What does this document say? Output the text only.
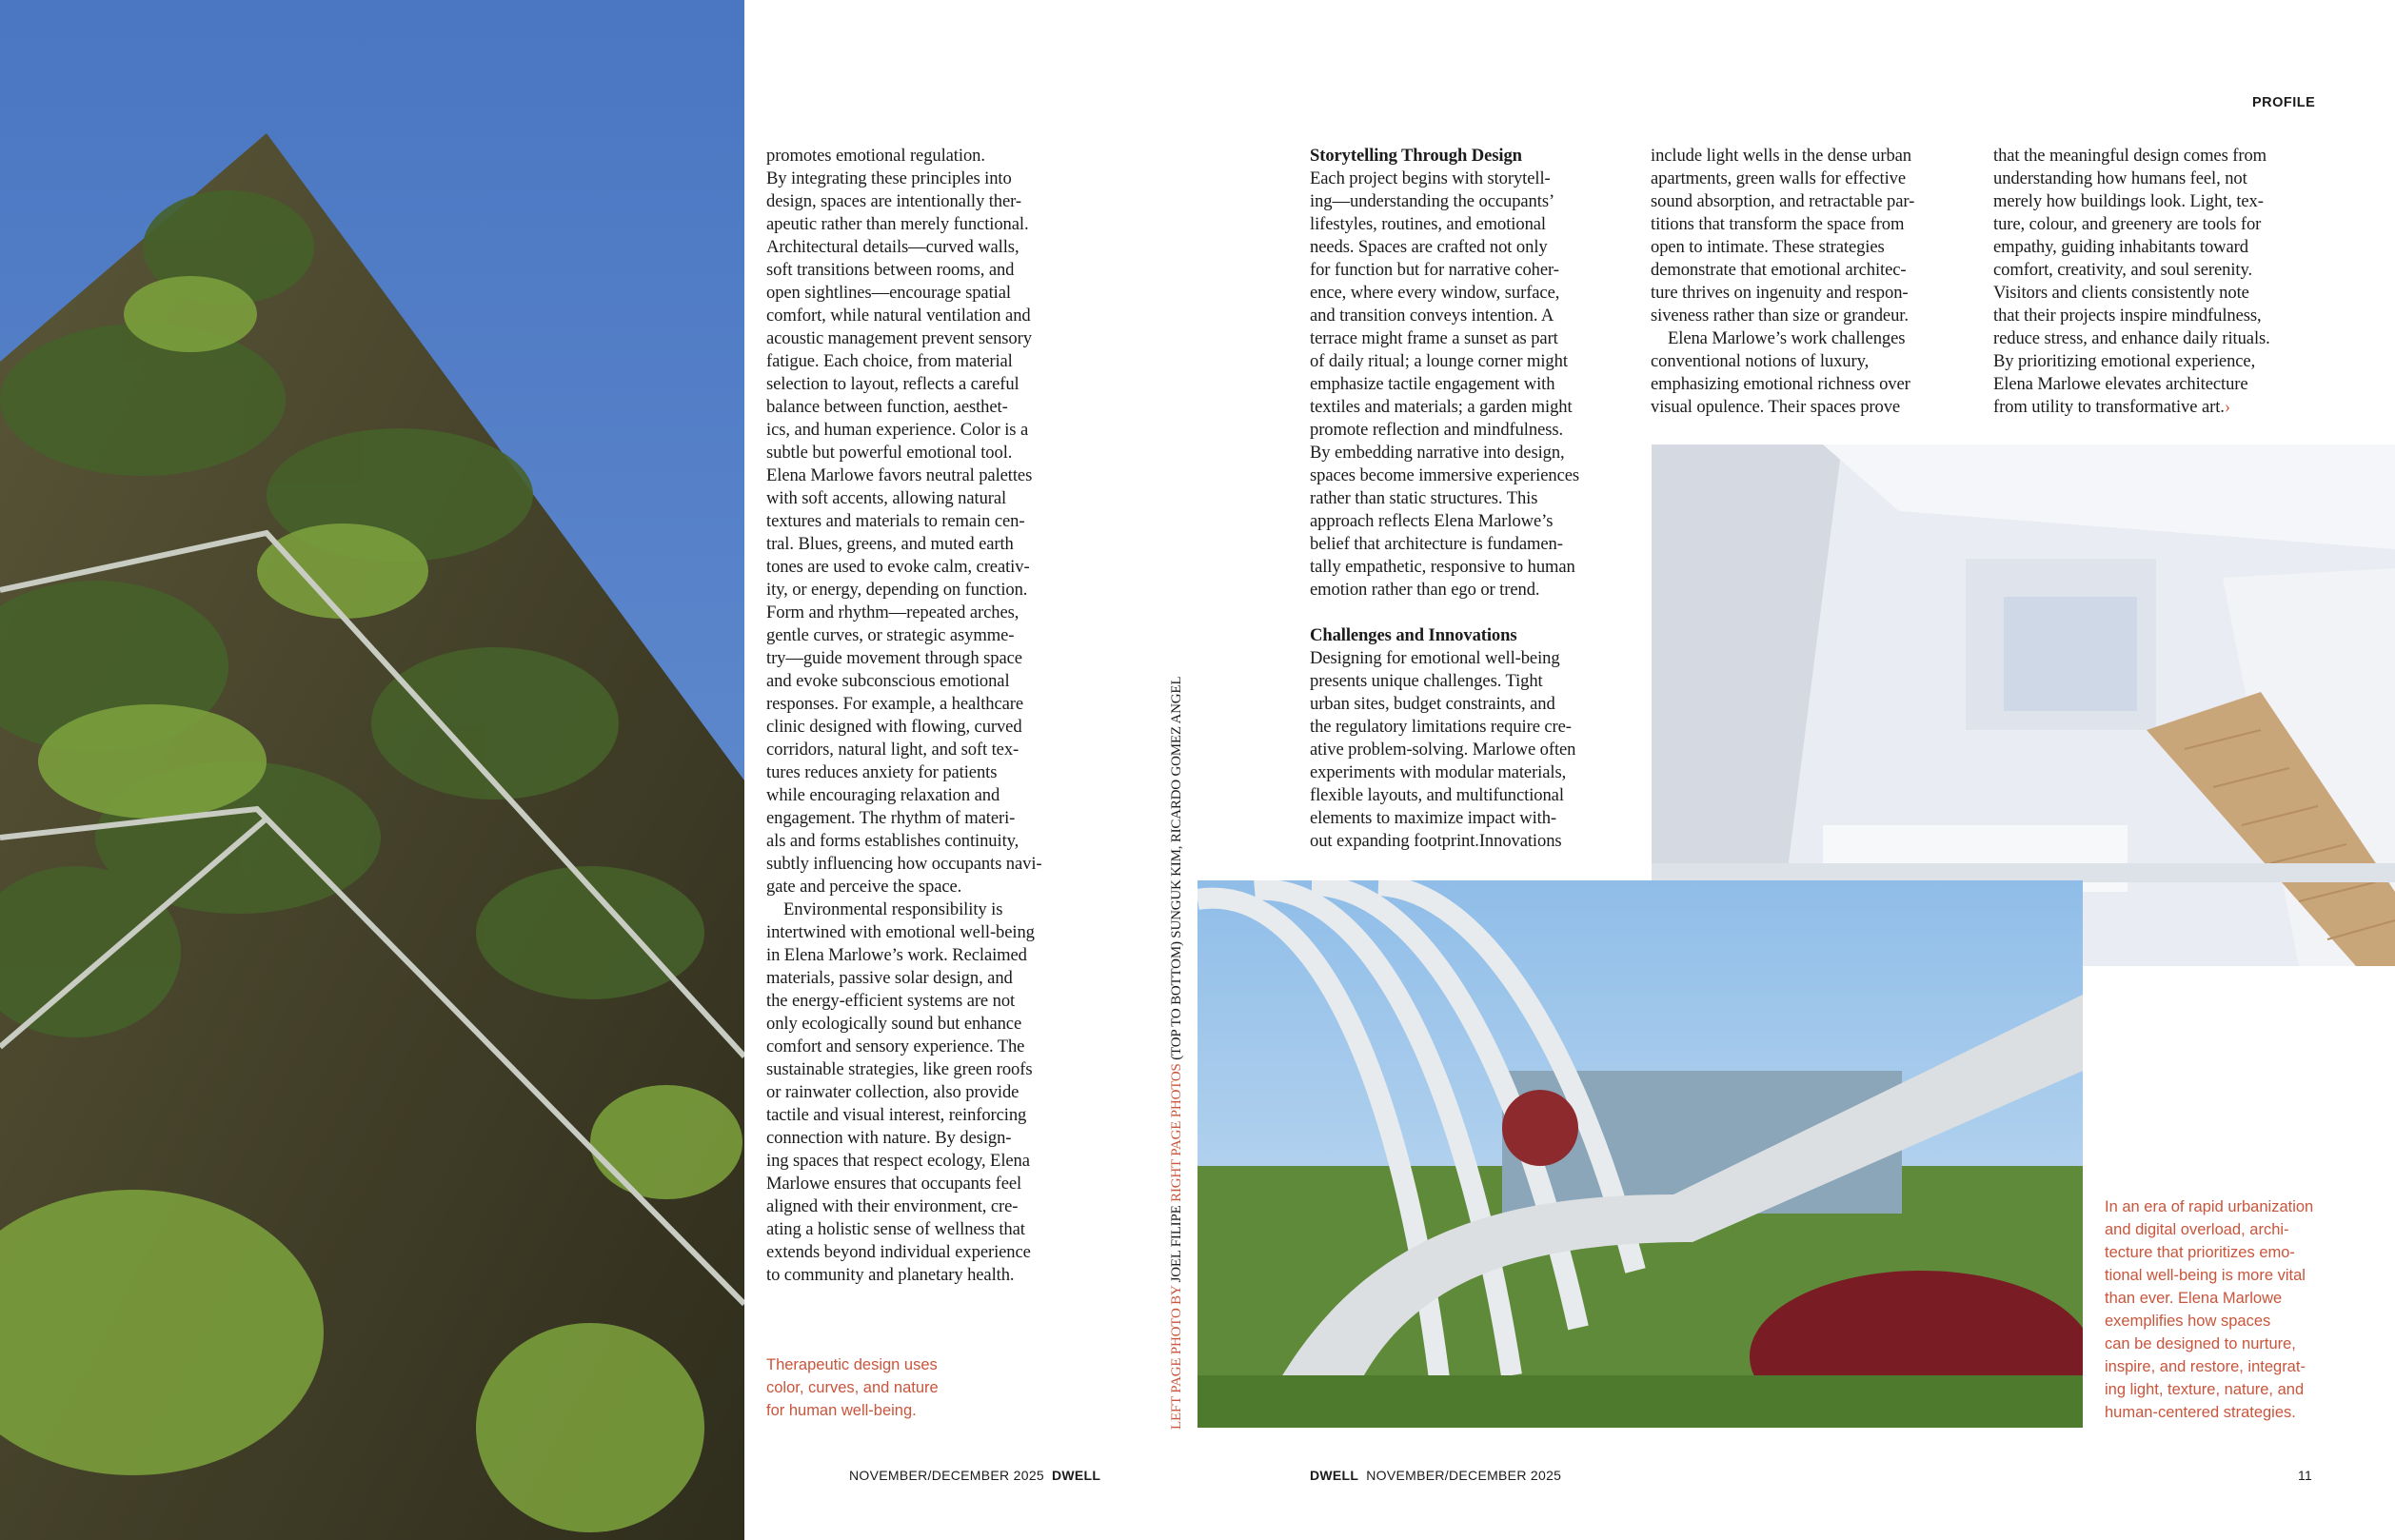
PROFILE
promotes emotional regulation.
By integrating these principles into
design, spaces are intentionally ther-
apeutic rather than merely functional.
Architectural details—curved walls,
soft transitions between rooms, and
open sightlines—encourage spatial
comfort, while natural ventilation and
acoustic management prevent sensory
fatigue. Each choice, from material
selection to layout, reflects a careful
balance between function, aesthet-
ics, and human experience. Color is a
subtle but powerful emotional tool.
Elena Marlowe favors neutral palettes
with soft accents, allowing natural
textures and materials to remain cen-
tral. Blues, greens, and muted earth
tones are used to evoke calm, creativ-
ity, or energy, depending on function.
Form and rhythm—repeated arches,
gentle curves, or strategic asymme-
try—guide movement through space
and evoke subconscious emotional
responses. For example, a healthcare
clinic designed with flowing, curved
corridors, natural light, and soft tex-
tures reduces anxiety for patients
while encouraging relaxation and
engagement. The rhythm of materi-
als and forms establishes continuity,
subtly influencing how occupants navi-
gate and perceive the space.
Environmental responsibility is
intertwined with emotional well-being
in Elena Marlowe’s work. Reclaimed
materials, passive solar design, and
the energy-efficient systems are not
only ecologically sound but enhance
comfort and sensory experience. The
sustainable strategies, like green roofs
or rainwater collection, also provide
tactile and visual interest, reinforcing
connection with nature. By design-
ing spaces that respect ecology, Elena
Marlowe ensures that occupants feel
aligned with their environment, cre-
ating a holistic sense of wellness that
extends beyond individual experience
to community and planetary health.
Storytelling Through Design
Each project begins with storytell-
ing—understanding the occupants’
lifestyles, routines, and emotional
needs. Spaces are crafted not only
for function but for narrative coher-
ence, where every window, surface,
and transition conveys intention. A
terrace might frame a sunset as part
of daily ritual; a lounge corner might
emphasize tactile engagement with
textiles and materials; a garden might
promote reflection and mindfulness.
By embedding narrative into design,
spaces become immersive experiences
rather than static structures. This
approach reflects Elena Marlowe’s
belief that architecture is fundamen-
tally empathetic, responsive to human
emotion rather than ego or trend.
Challenges and Innovations
Designing for emotional well-being
presents unique challenges. Tight
urban sites, budget constraints, and
the regulatory limitations require cre-
ative problem-solving. Marlowe often
experiments with modular materials,
flexible layouts, and multifunctional
elements to maximize impact with-
out expanding footprint.Innovations
include light wells in the dense urban
apartments, green walls for effective
sound absorption, and retractable par-
titions that transform the space from
open to intimate. These strategies
demonstrate that emotional architec-
ture thrives on ingenuity and respon-
siveness rather than size or grandeur.
Elena Marlowe’s work challenges
conventional notions of luxury,
emphasizing emotional richness over
visual opulence. Their spaces prove
that the meaningful design comes from
understanding how humans feel, not
merely how buildings look. Light, tex-
ture, colour, and greenery are tools for
empathy, guiding inhabitants toward
comfort, creativity, and soul serenity.
Visitors and clients consistently note
that their projects inspire mindfulness,
reduce stress, and enhance daily rituals.
By prioritizing emotional experience,
Elena Marlowe elevates architecture
from utility to transformative art.›
Therapeutic design uses
color, curves, and nature
for human well-being.
In an era of rapid urbanization
and digital overload, archi-
tecture that prioritizes emo-
tional well-being is more vital
than ever. Elena Marlowe
exemplifies how spaces
can be designed to nurture,
inspire, and restore, integrat-
ing light, texture, nature, and
human-centered strategies.
LEFT PAGE PHOTO BY JOEL FILIPE RIGHT PAGE PHOTOS (TOP TO BOTTOM) SUNGUK KIM, RICARDO GOMEZ ANGEL
NOVEMBER/DECEMBER 2025 DWELL	DWELL NOVEMBER/DECEMBER 2025	11
